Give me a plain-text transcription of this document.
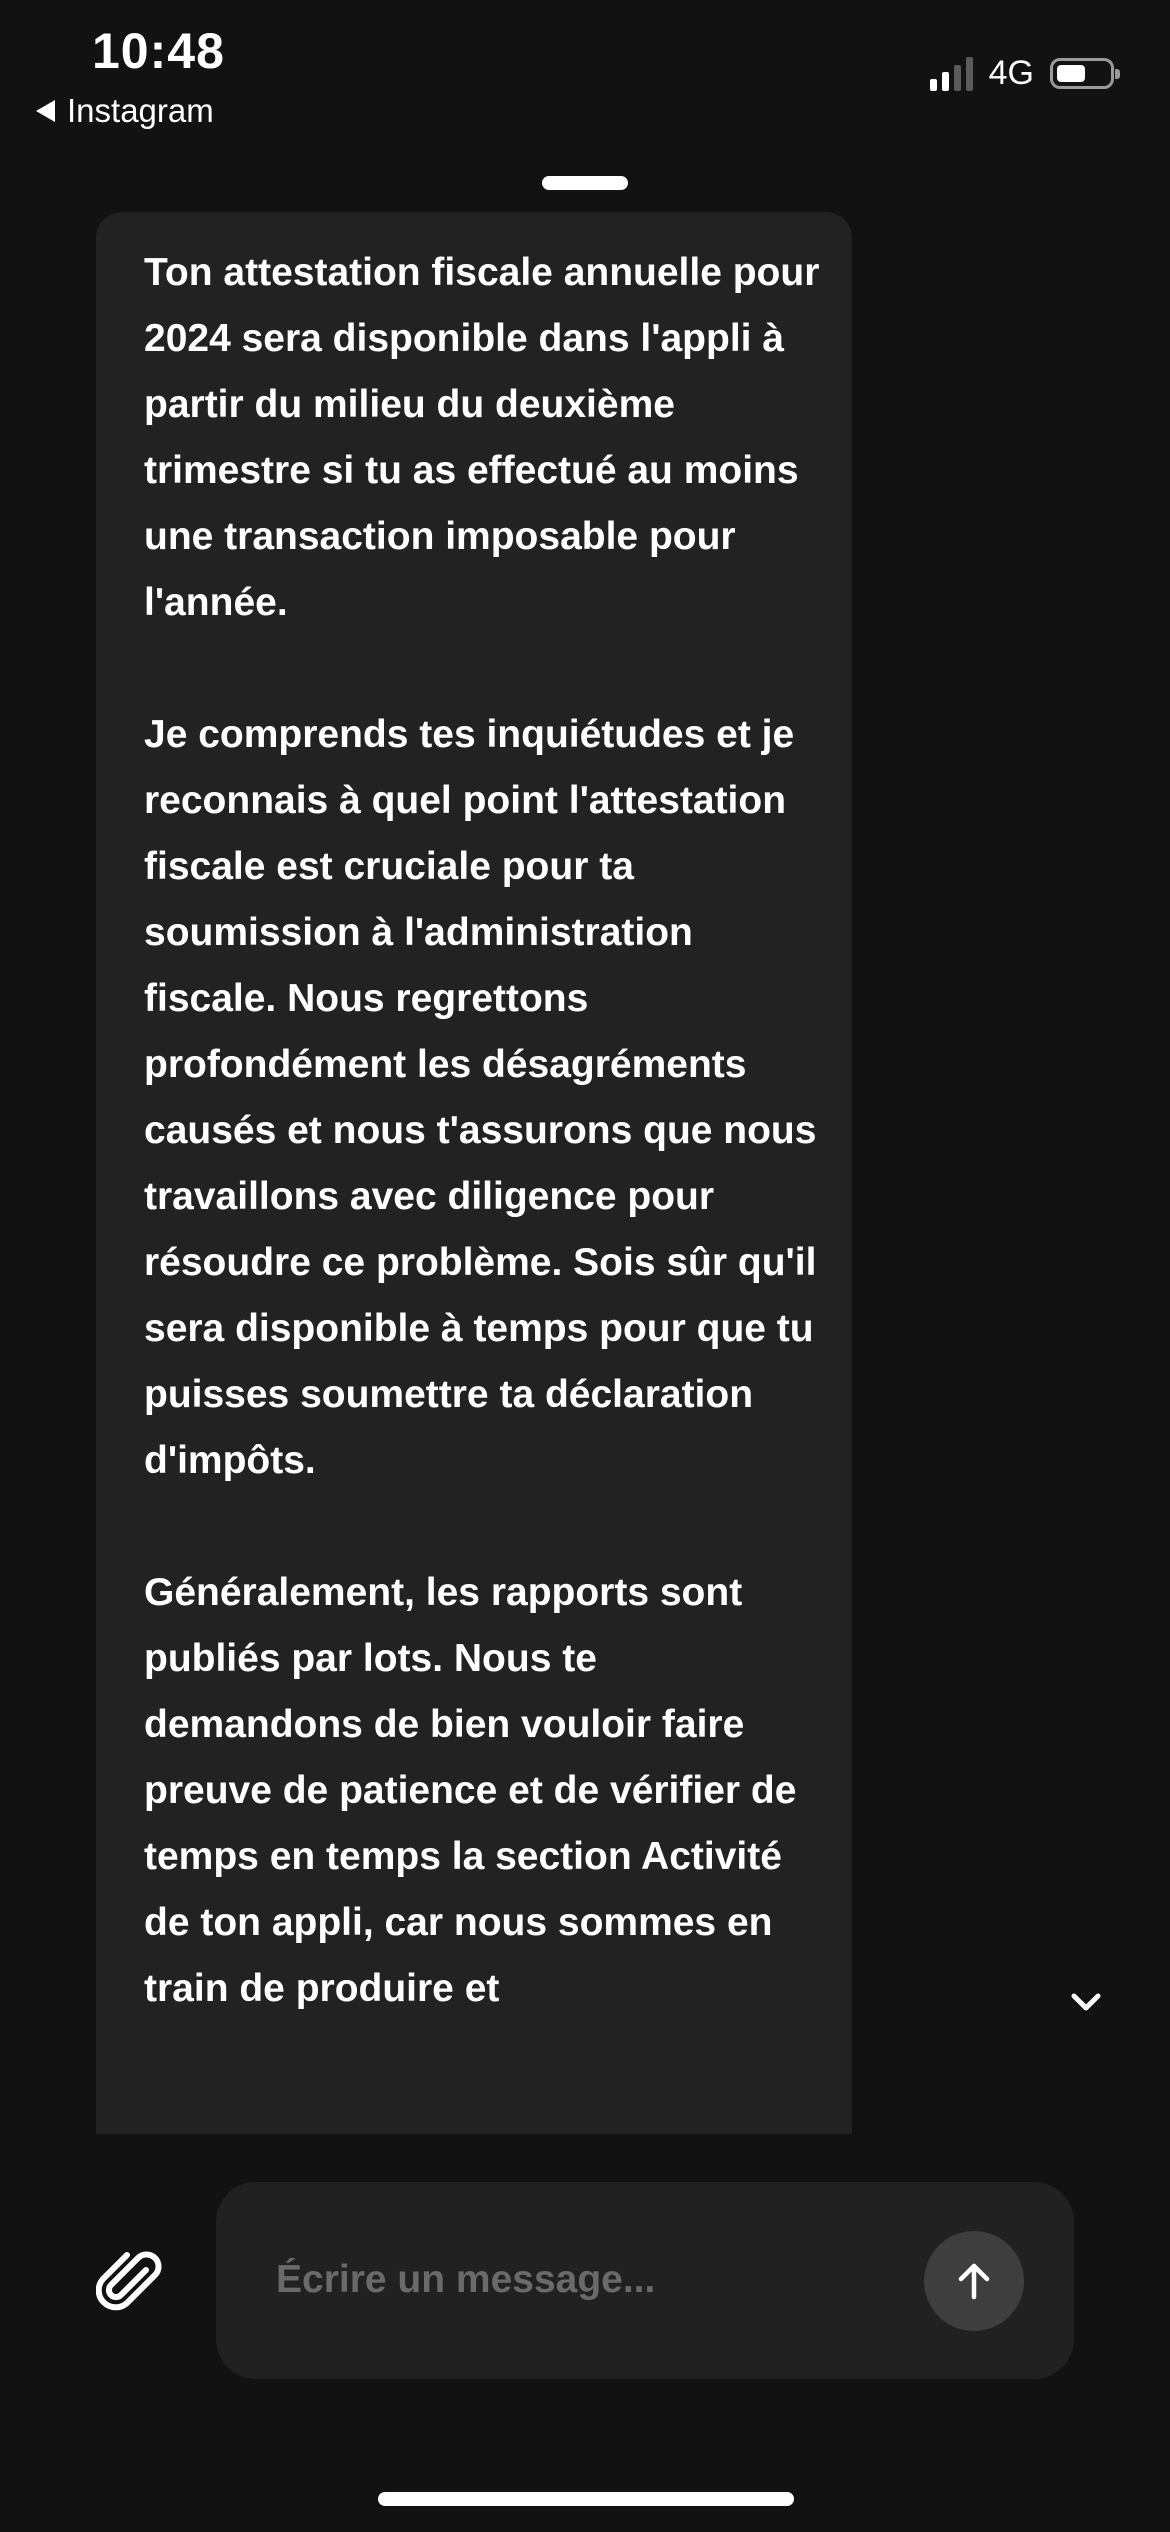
10:48
Instagram
4G

Ton attestation fiscale annuelle pour 2024 sera disponible dans l'appli à partir du milieu du deuxième trimestre si tu as effectué au moins une transaction imposable pour l'année.

Je comprends tes inquiétudes et je reconnais à quel point l'attestation fiscale est cruciale pour ta soumission à l'administration fiscale. Nous regrettons profondément les désagréments causés et nous t'assurons que nous travaillons avec diligence pour résoudre ce problème. Sois sûr qu'il sera disponible à temps pour que tu puisses soumettre ta déclaration d'impôts.

Généralement, les rapports sont publiés par lots. Nous te demandons de bien vouloir faire preuve de patience et de vérifier de temps en temps la section Activité de ton appli, car nous sommes en train de produire et

Écrire un message...
